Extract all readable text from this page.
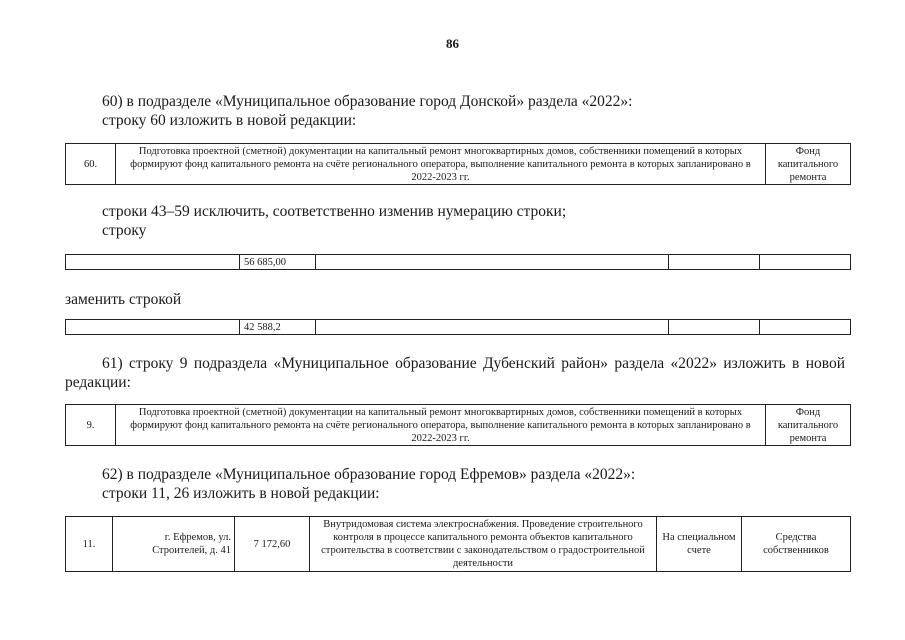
86
60) в подразделе «Муниципальное образование город Донской» раздела «2022»:
строку 60 изложить в новой редакции:
60.	Подготовка проектной (сметной) документации на капитальный ремонт многоквартирных домов, собственники помещений в которых формируют фонд капитального ремонта на счёте регионального оператора, выполнение капитального ремонта в которых запланировано в 2022-2023 гг.	Фонд капитального ремонта
строки 43–59 исключить, соответственно изменив нумерацию строки;
строку
	56 685,00			
заменить строкой
	42 588,2			
61) строку 9 подраздела «Муниципальное образование Дубенский район» раздела «2022» изложить в новой редакции:
9.	Подготовка проектной (сметной) документации на капитальный ремонт многоквартирных домов, собственники помещений в которых формируют фонд капитального ремонта на счёте регионального оператора, выполнение капитального ремонта в которых запланировано в 2022-2023 гг.	Фонд капитального ремонта
62) в подразделе «Муниципальное образование город Ефремов» раздела «2022»:
строки 11, 26 изложить в новой редакции:
11.	г. Ефремов, ул. Строителей, д. 41	7 172,60	Внутридомовая система электроснабжения. Проведение строительного контроля в процессе капитального ремонта объектов капитального строительства в соответствии с законодательством о градостроительной деятельности	На специальном счете	Средства собственников
